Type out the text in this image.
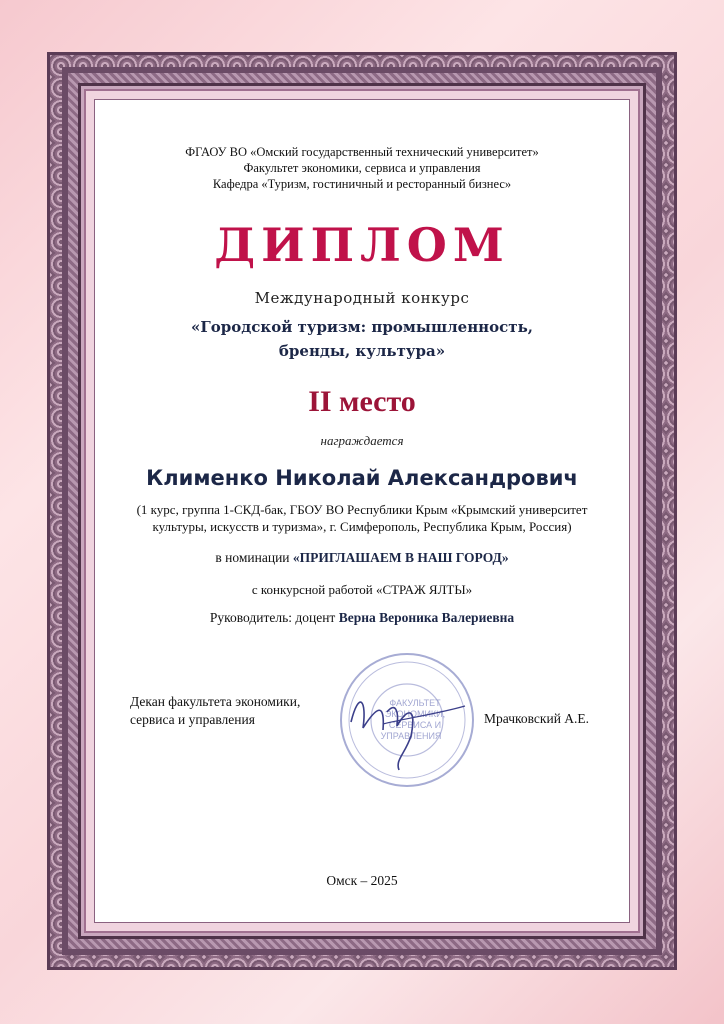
ФГАОУ ВО «Омский государственный технический университет»
Факультет экономики, сервиса и управления
Кафедра «Туризм, гостиничный и ресторанный бизнес»
ДИПЛОМ
Международный конкурс
«Городской туризм: промышленность,
бренды, культура»
II место
награждается
Клименко Николай Александрович
(1 курс, группа 1-СКД-бак, ГБОУ ВО Республики Крым «Крымский университет
культуры, искусств и туризма», г. Симферополь, Республика Крым, Россия)
в номинации «ПРИГЛАШАЕМ В НАШ ГОРОД»
с конкурсной работой «СТРАЖ ЯЛТЫ»
Руководитель: доцент Верна Вероника Валериевна
Декан факультета экономики,
сервиса и управления
ФАКУЛЬТЕТ
ЭКОНОМИКИ,
СЕРВИСА И
УПРАВЛЕНИЯ
Мрачковский А.Е.
Омск – 2025
